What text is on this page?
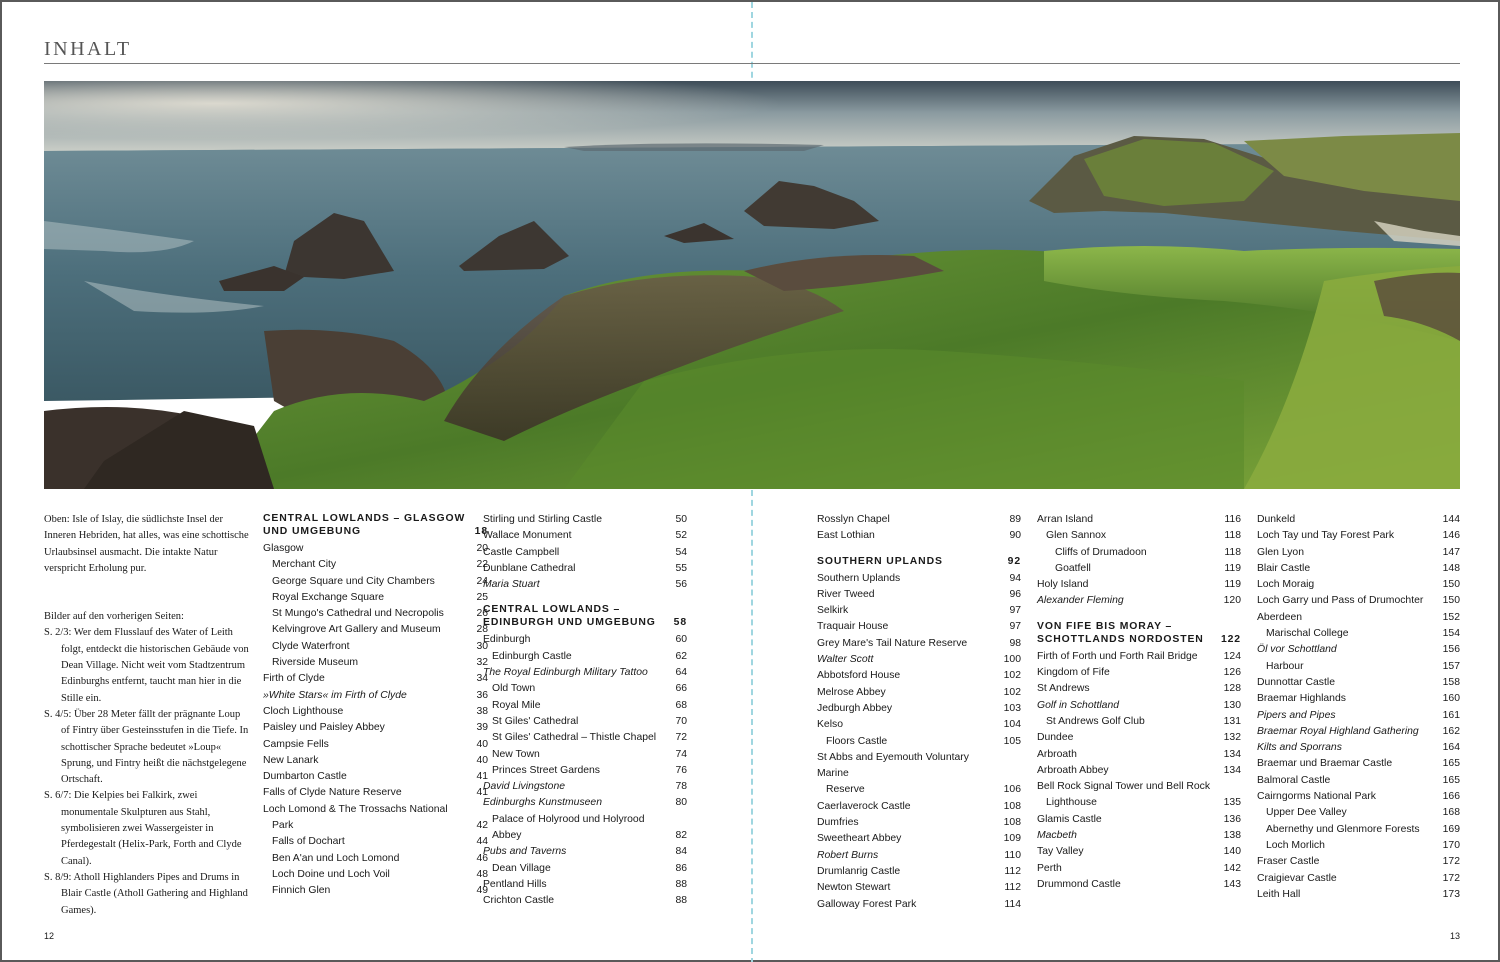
INHALT

Oben: Isle of Islay, die südlichste Insel der Inneren Hebriden, hat alles, was eine schottische Urlaubsinsel ausmacht. Die intakte Natur verspricht Erholung pur.

Bilder auf den vorherigen Seiten:

S. 2/3: Wer dem Flusslauf des Water of Leith folgt, entdeckt die historischen Gebäude von Dean Village. Nicht weit vom Stadtzentrum Edinburghs entfernt, taucht man hier in die Stille ein.

S. 4/5: Über 28 Meter fällt der prägnante Loup of Fintry über Gesteinsstufen in die Tiefe. In schottischer Sprache bedeutet »Loup« Sprung, und Fintry heißt die nächstgelegene Ortschaft.

S. 6/7: Die Kelpies bei Falkirk, zwei monumentale Skulpturen aus Stahl, symbolisieren zwei Wassergeister in Pferdegestalt (Helix-Park, Forth and Clyde Canal).

S. 8/9: Atholl Highlanders Pipes and Drums in Blair Castle (Atholl Gathering and Highland Games).

CENTRAL LOWLANDS – GLASGOW UND UMGEBUNG	18
Glasgow	20
Merchant City	22
George Square und City Chambers	24
Royal Exchange Square	25
St Mungo's Cathedral und Necropolis	26
Kelvingrove Art Gallery and Museum	28
Clyde Waterfront	30
Riverside Museum	32
Firth of Clyde	34
»White Stars« im Firth of Clyde	36
Cloch Lighthouse	38
Paisley und Paisley Abbey	39
Campsie Fells	40
New Lanark	40
Dumbarton Castle	41
Falls of Clyde Nature Reserve	41
Loch Lomond & The Trossachs National
Park	42
Falls of Dochart	44
Ben A'an und Loch Lomond	46
Loch Doine und Loch Voil	48
Finnich Glen	49
Stirling und Stirling Castle	50
Wallace Monument	52
Castle Campbell	54
Dunblane Cathedral	55
Maria Stuart	56
CENTRAL LOWLANDS – EDINBURGH UND UMGEBUNG	58
Edinburgh	60
Edinburgh Castle	62
The Royal Edinburgh Military Tattoo	64
Old Town	66
Royal Mile	68
St Giles' Cathedral	70
St Giles' Cathedral – Thistle Chapel	72
New Town	74
Princes Street Gardens	76
David Livingstone	78
Edinburghs Kunstmuseen	80
Palace of Holyrood und Holyrood Abbey	82
Pubs and Taverns	84
Dean Village	86
Pentland Hills	88
Crichton Castle	88
Rosslyn Chapel	89
East Lothian	90
SOUTHERN UPLANDS	92
Southern Uplands	94
River Tweed	96
Selkirk	97
Traquair House	97
Grey Mare's Tail Nature Reserve	98
Walter Scott	100
Abbotsford House	102
Melrose Abbey	102
Jedburgh Abbey	103
Kelso	104
Floors Castle	105
St Abbs and Eyemouth Voluntary Marine
Reserve	106
Caerlaverock Castle	108
Dumfries	108
Sweetheart Abbey	109
Robert Burns	110
Drumlanrig Castle	112
Newton Stewart	112
Galloway Forest Park	114
Arran Island	116
Glen Sannox	118
Cliffs of Drumadoon	118
Goatfell	119
Holy Island	119
Alexander Fleming	120
VON FIFE BIS MORAY – SCHOTTLANDS NORDOSTEN	122
Firth of Forth und Forth Rail Bridge	124
Kingdom of Fife	126
St Andrews	128
Golf in Schottland	130
St Andrews Golf Club	131
Dundee	132
Arbroath	134
Arbroath Abbey	134
Bell Rock Signal Tower und Bell Rock
Lighthouse	135
Glamis Castle	136
Macbeth	138
Tay Valley	140
Perth	142
Drummond Castle	143
Dunkeld	144
Loch Tay und Tay Forest Park	146
Glen Lyon	147
Blair Castle	148
Loch Moraig	150
Loch Garry und Pass of Drumochter	150
Aberdeen	152
Marischal College	154
Öl vor Schottland	156
Harbour	157
Dunnottar Castle	158
Braemar Highlands	160
Pipers and Pipes	161
Braemar Royal Highland Gathering	162
Kilts and Sporrans	164
Braemar und Braemar Castle	165
Balmoral Castle	165
Cairngorms National Park	166
Upper Dee Valley	168
Abernethy und Glenmore Forests	169
Loch Morlich	170
Fraser Castle	172
Craigievar Castle	172
Leith Hall	173
12	13
